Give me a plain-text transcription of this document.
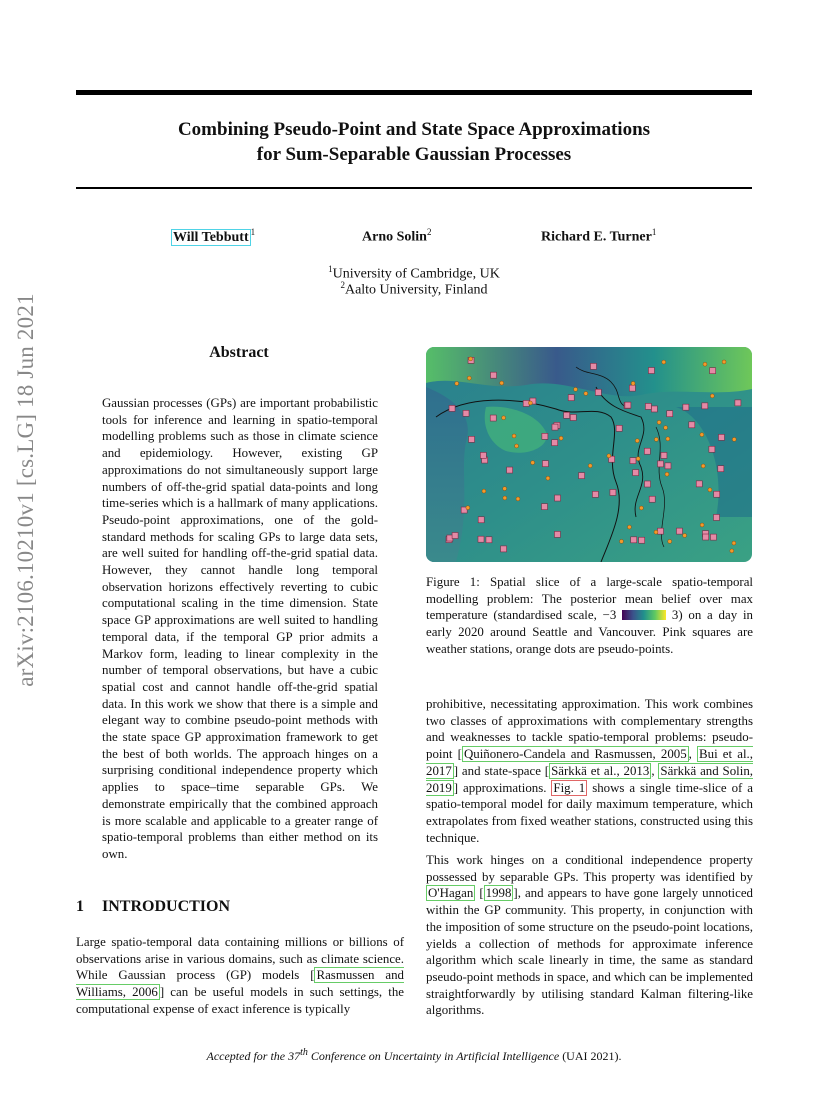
Combining Pseudo-Point and State Space Approximations
for Sum-Separable Gaussian Processes
Will Tebbutt $^1$	Arno Solin$^2$	Richard E. Turner$^1$
$^1$University of Cambridge, UK
$^2$Aalto University, Finland
arXiv:2106.10210v1 [cs.LG] 18 Jun 2021	Abstract
Gaussian processes (GPs) are important probabilistic tools for inference and learning in spatio-temporal modelling problems such as those in climate science and epidemiology. However, existing GP approximations do not simultaneously support large numbers of off-the-grid spatial data-points and long time-series which is a hallmark of many applications. Pseudo-point approximations, one of the gold-standard methods for scaling GPs to large data sets, are well suited for handling off-the-grid spatial data. However, they cannot handle long temporal observation horizons effectively reverting to cubic computational scaling in the time dimension. State space GP approximations are well suited to handling temporal data, if the temporal GP prior admits a Markov form, leading to linear complexity in the number of temporal observations, but have a cubic spatial cost and cannot handle off-the-grid spatial data. In this work we show that there is a simple and elegant way to combine pseudo-point methods with the state space GP approximation framework to get the best of both worlds. The approach hinges on a surprising conditional independence property which applies to space–time separable GPs. We demonstrate empirically that the combined approach is more scalable and applicable to a greater range of spatio-temporal problems than either method on its own.
1 INTRODUCTION
Large spatio-temporal data containing millions or billions of observations arise in various domains, such as climate science. While Gaussian process (GP) models [ Rasmussen and Williams, 2006 ] can be useful models in such settings, the computational expense of exact inference is typically
Figure 1: Spatial slice of a large-scale spatio-temporal modelling problem: The posterior mean belief over max temperature (standardised scale, −3	3) on a day in early 2020 around Seattle and Vancouver. Pink squares are weather stations, orange dots are pseudo-points.
prohibitive, necessitating approximation. This work combines two classes of approximations with complementary strengths and weaknesses to tackle spatio-temporal problems: pseudo-point [ Quiñonero-Candela and Rasmussen, 2005 , Bui et al., 2017 ] and state-space [ Särkkä et al., 2013 , Särkkä and Solin, 2019 ] approximations. Fig. 1 shows a single time-slice of a spatio-temporal model for daily maximum temperature, which extrapolates from fixed weather stations, constructed using this technique.
This work hinges on a conditional independence property possessed by separable GPs. This property was identified by O'Hagan [ 1998 ], and appears to have gone largely unnoticed within the GP community. This property, in conjunction with the imposition of some structure on the pseudo-point locations, yields a collection of methods for approximate inference algorithm which scale linearly in time, the same as standard pseudo-point methods in space, and which can be implemented straightforwardly by utilising standard Kalman filtering-like algorithms.
Accepted for the 37th Conference on Uncertainty in Artificial Intelligence (UAI 2021).
